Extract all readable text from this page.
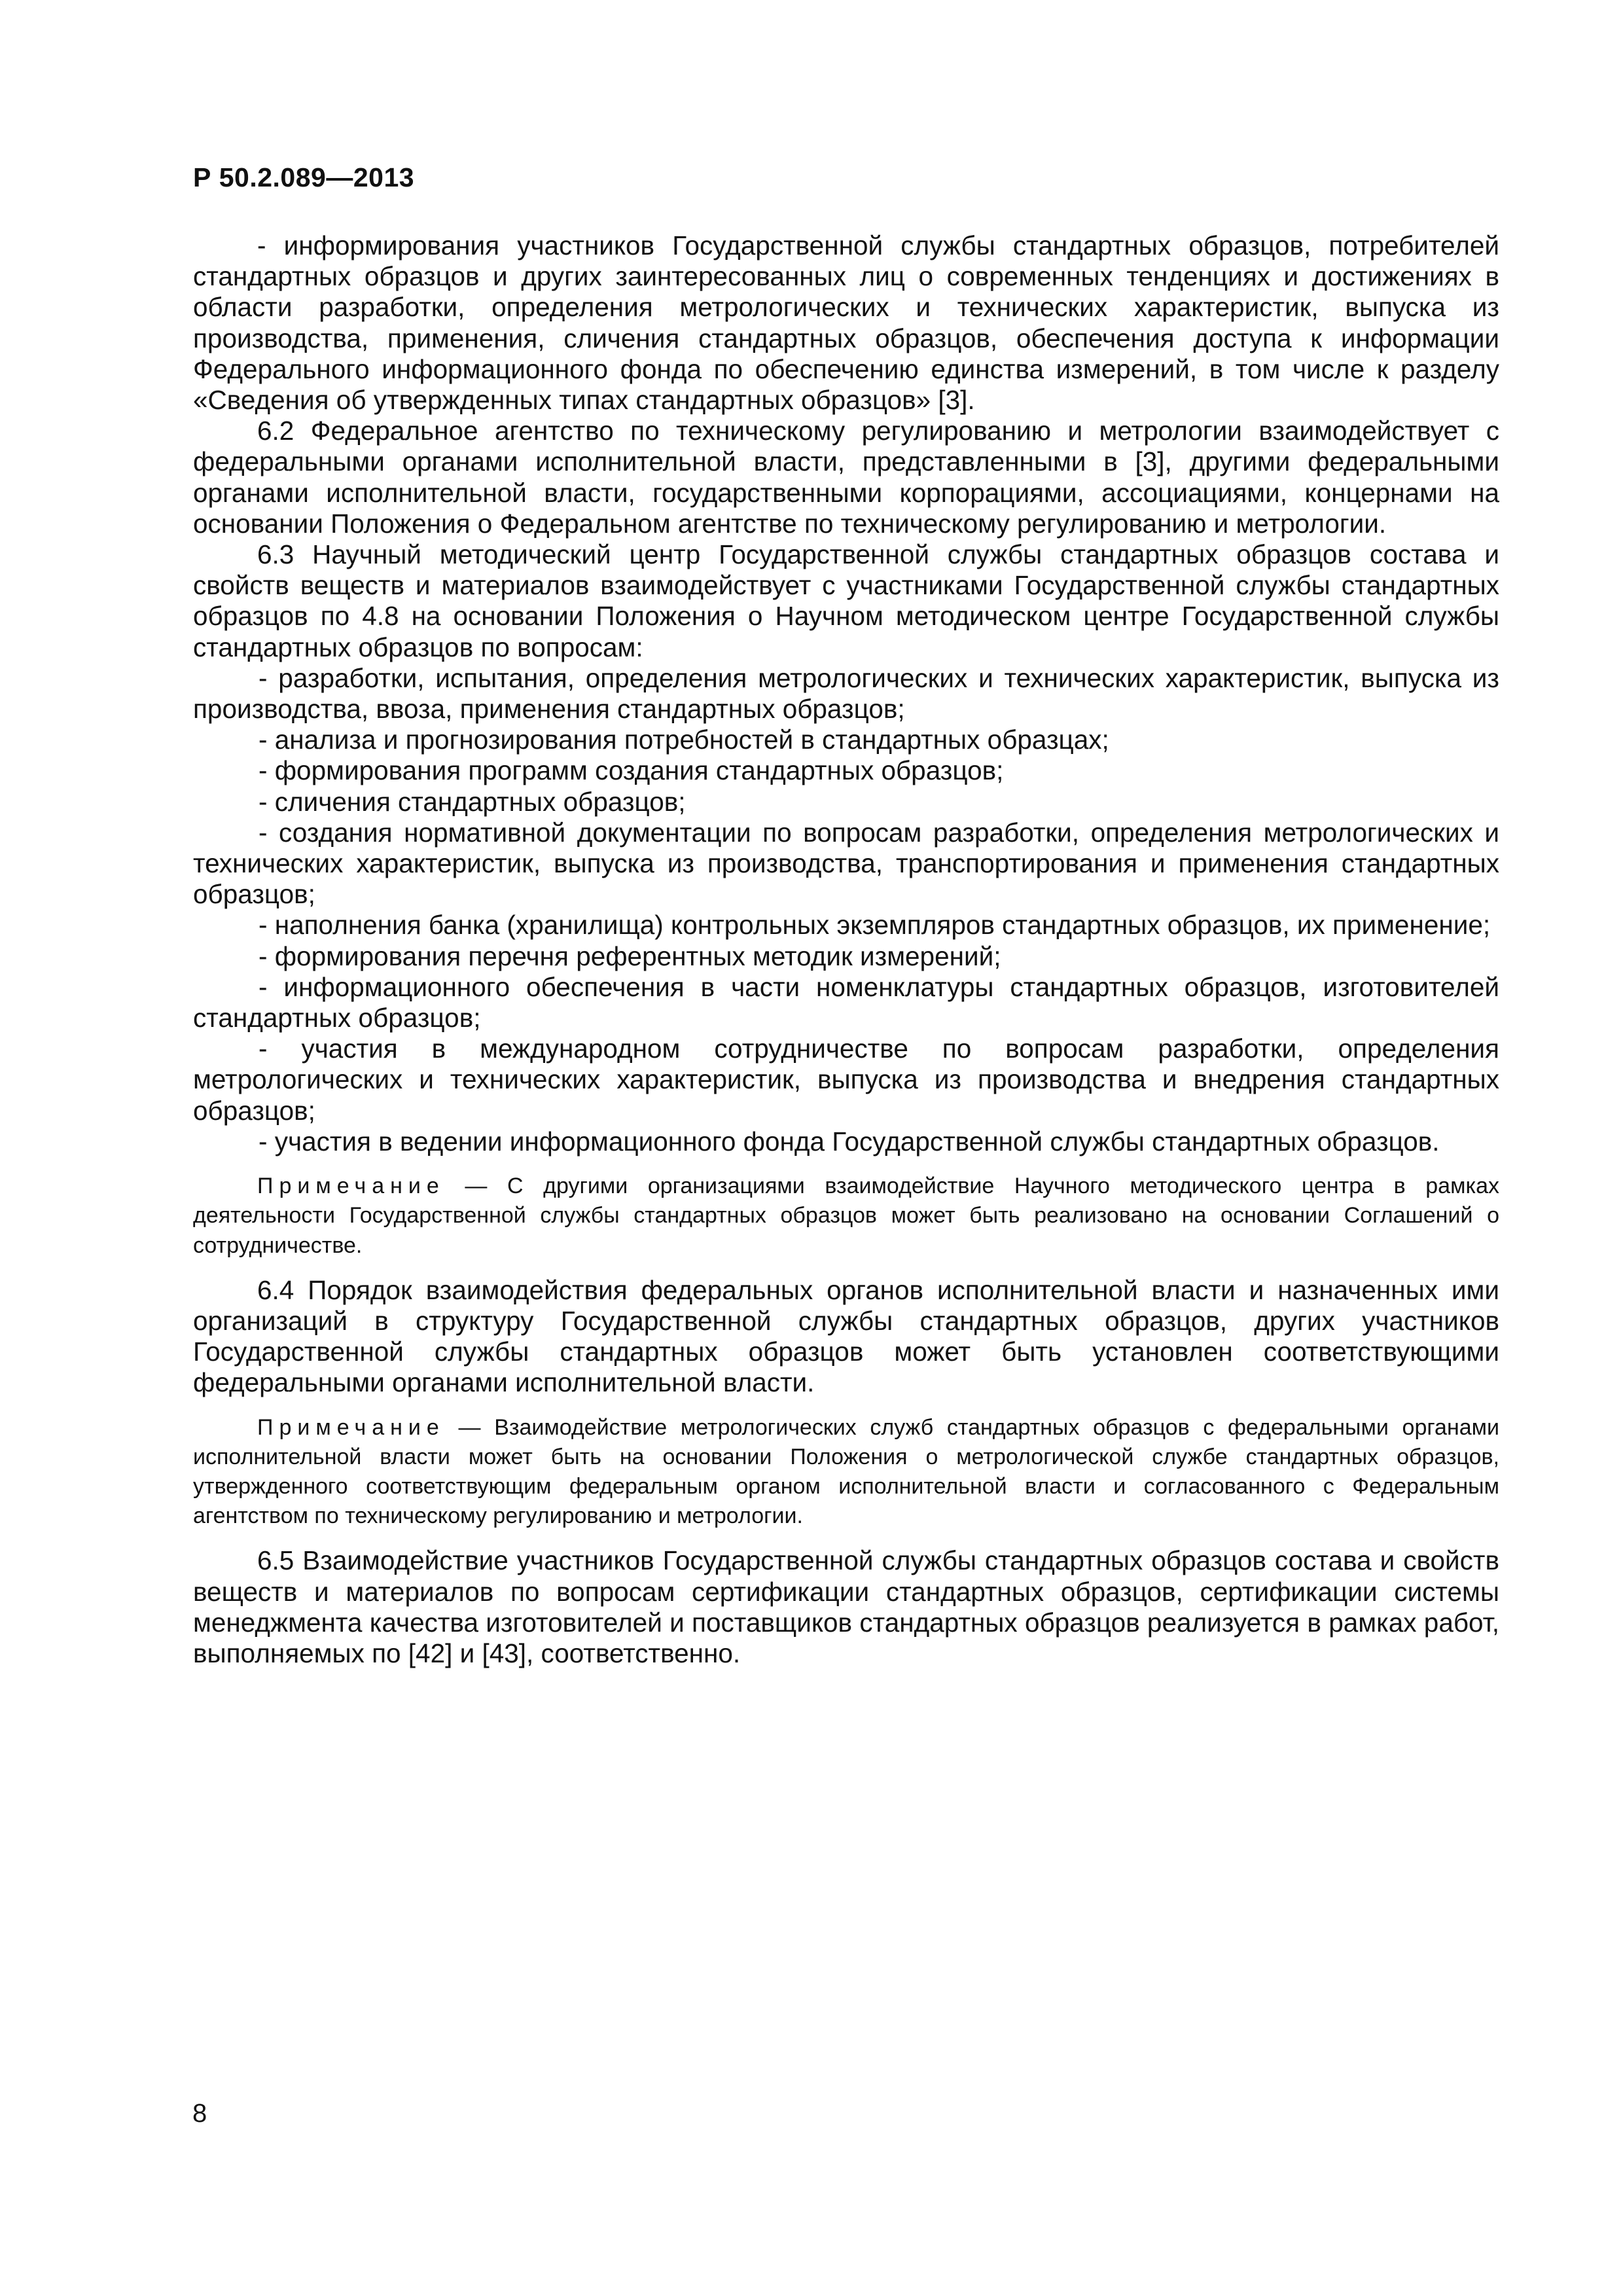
Р 50.2.089—2013

- информирования участников Государственной службы стандартных образцов, потребителей стандартных образцов и других заинтересованных лиц о современных тенденциях и достижениях в области разработки, определения метрологических и технических характеристик, выпуска из производства, применения, сличения стандартных образцов, обеспечения доступа к информации Федерального информационного фонда по обеспечению единства измерений, в том числе к разделу «Сведения об утвержденных типах стандартных образцов» [3].

6.2 Федеральное агентство по техническому регулированию и метрологии взаимодействует с федеральными органами исполнительной власти, представленными в [3], другими федеральными органами исполнительной власти, государственными корпорациями, ассоциациями, концернами на основании Положения о Федеральном агентстве по техническому регулированию и метрологии.

6.3 Научный методический центр Государственной службы стандартных образцов состава и свойств веществ и материалов взаимодействует с участниками Государственной службы стандартных образцов по 4.8 на основании Положения о Научном методическом центре Государственной службы стандартных образцов по вопросам:

- разработки, испытания, определения метрологических и технических характеристик, выпуска из производства, ввоза, применения стандартных образцов;

- анализа и прогнозирования потребностей в стандартных образцах;

- формирования программ создания стандартных образцов;

- сличения стандартных образцов;

- создания нормативной документации по вопросам разработки, определения метрологических и технических характеристик, выпуска из производства, транспортирования и применения стандартных образцов;

- наполнения банка (хранилища) контрольных экземпляров стандартных образцов, их применение;

- формирования перечня референтных методик измерений;

- информационного обеспечения в части номенклатуры стандартных образцов, изготовителей стандартных образцов;

- участия в международном сотрудничестве по вопросам разработки, определения метрологических и технических характеристик, выпуска из производства и внедрения стандартных образцов;

- участия в ведении информационного фонда Государственной службы стандартных образцов.

Примечание — С другими организациями взаимодействие Научного методического центра в рамках деятельности Государственной службы стандартных образцов может быть реализовано на основании Соглашений о сотрудничестве.

6.4 Порядок взаимодействия федеральных органов исполнительной власти и назначенных ими организаций в структуру Государственной службы стандартных образцов, других участников Государственной службы стандартных образцов может быть установлен соответствующими федеральными органами исполнительной власти.

Примечание — Взаимодействие метрологических служб стандартных образцов с федеральными органами исполнительной власти может быть на основании Положения о метрологической службе стандартных образцов, утвержденного соответствующим федеральным органом исполнительной власти и согласованного с Федеральным агентством по техническому регулированию и метрологии.

6.5 Взаимодействие участников Государственной службы стандартных образцов состава и свойств веществ и материалов по вопросам сертификации стандартных образцов, сертификации системы менеджмента качества изготовителей и поставщиков стандартных образцов реализуется в рамках работ, выполняемых по [42] и [43], соответственно.

8
